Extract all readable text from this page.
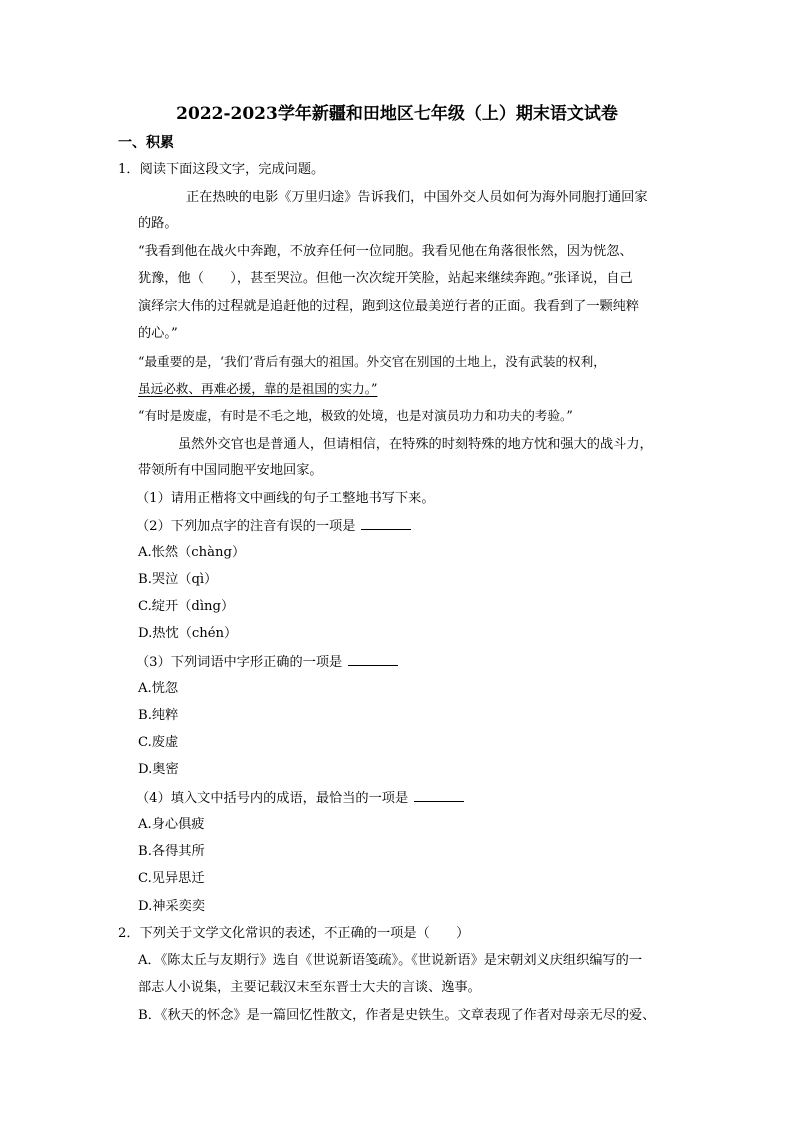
2022-2023学年新疆和田地区七年级（上）期末语文试卷
一、积累
1．阅读下面这段文字，完成问题。
正在热映的电影《万里归途》告诉我们，中国外交人员如何为海外同胞打通回家
的路。
“我看到他在战火中奔跑，不放弃任何一位同胞。我看见他在角落很怅然，因为恍忽、
犹豫，他（　　），甚至哭泣。但他一次次绽开笑脸，站起来继续奔跑。”张译说，自己
演绎宗大伟的过程就是追赶他的过程，跑到这位最美逆行者的正面。我看到了一颗纯粹
的心。”
“最重要的是，‘我们’背后有强大的祖国。外交官在别国的土地上，没有武装的权利，
虽远必救、再难必援，靠的是祖国的实力。”
“有时是废虚，有时是不毛之地，极致的处境，也是对演员功力和功夫的考验。”
虽然外交官也是普通人，但请相信，在特殊的时刻特殊的地方忱和强大的战斗力，
带领所有中国同胞平安地回家。
（1）请用正楷将文中画线的句子工整地书写下来。
（2）下列加点字的注音有误的一项是
A.怅然（chàng）
B.哭泣（qì）
C.绽开（dìng）
D.热忱（chén）
（3）下列词语中字形正确的一项是
A.恍忽
B.纯粹
C.废虚
D.奥密
（4）填入文中括号内的成语，最恰当的一项是
A.身心俱疲
B.各得其所
C.见异思迁
D.神采奕奕
2．下列关于文学文化常识的表述，不正确的一项是（　　）
A．《陈太丘与友期行》选自《世说新语笺疏》。《世说新语》是宋朝刘义庆组织编写的一
部志人小说集，主要记载汉末至东晋士大夫的言谈、逸事。
B．《秋天的怀念》是一篇回忆性散文，作者是史铁生。文章表现了作者对母亲无尽的爱、
